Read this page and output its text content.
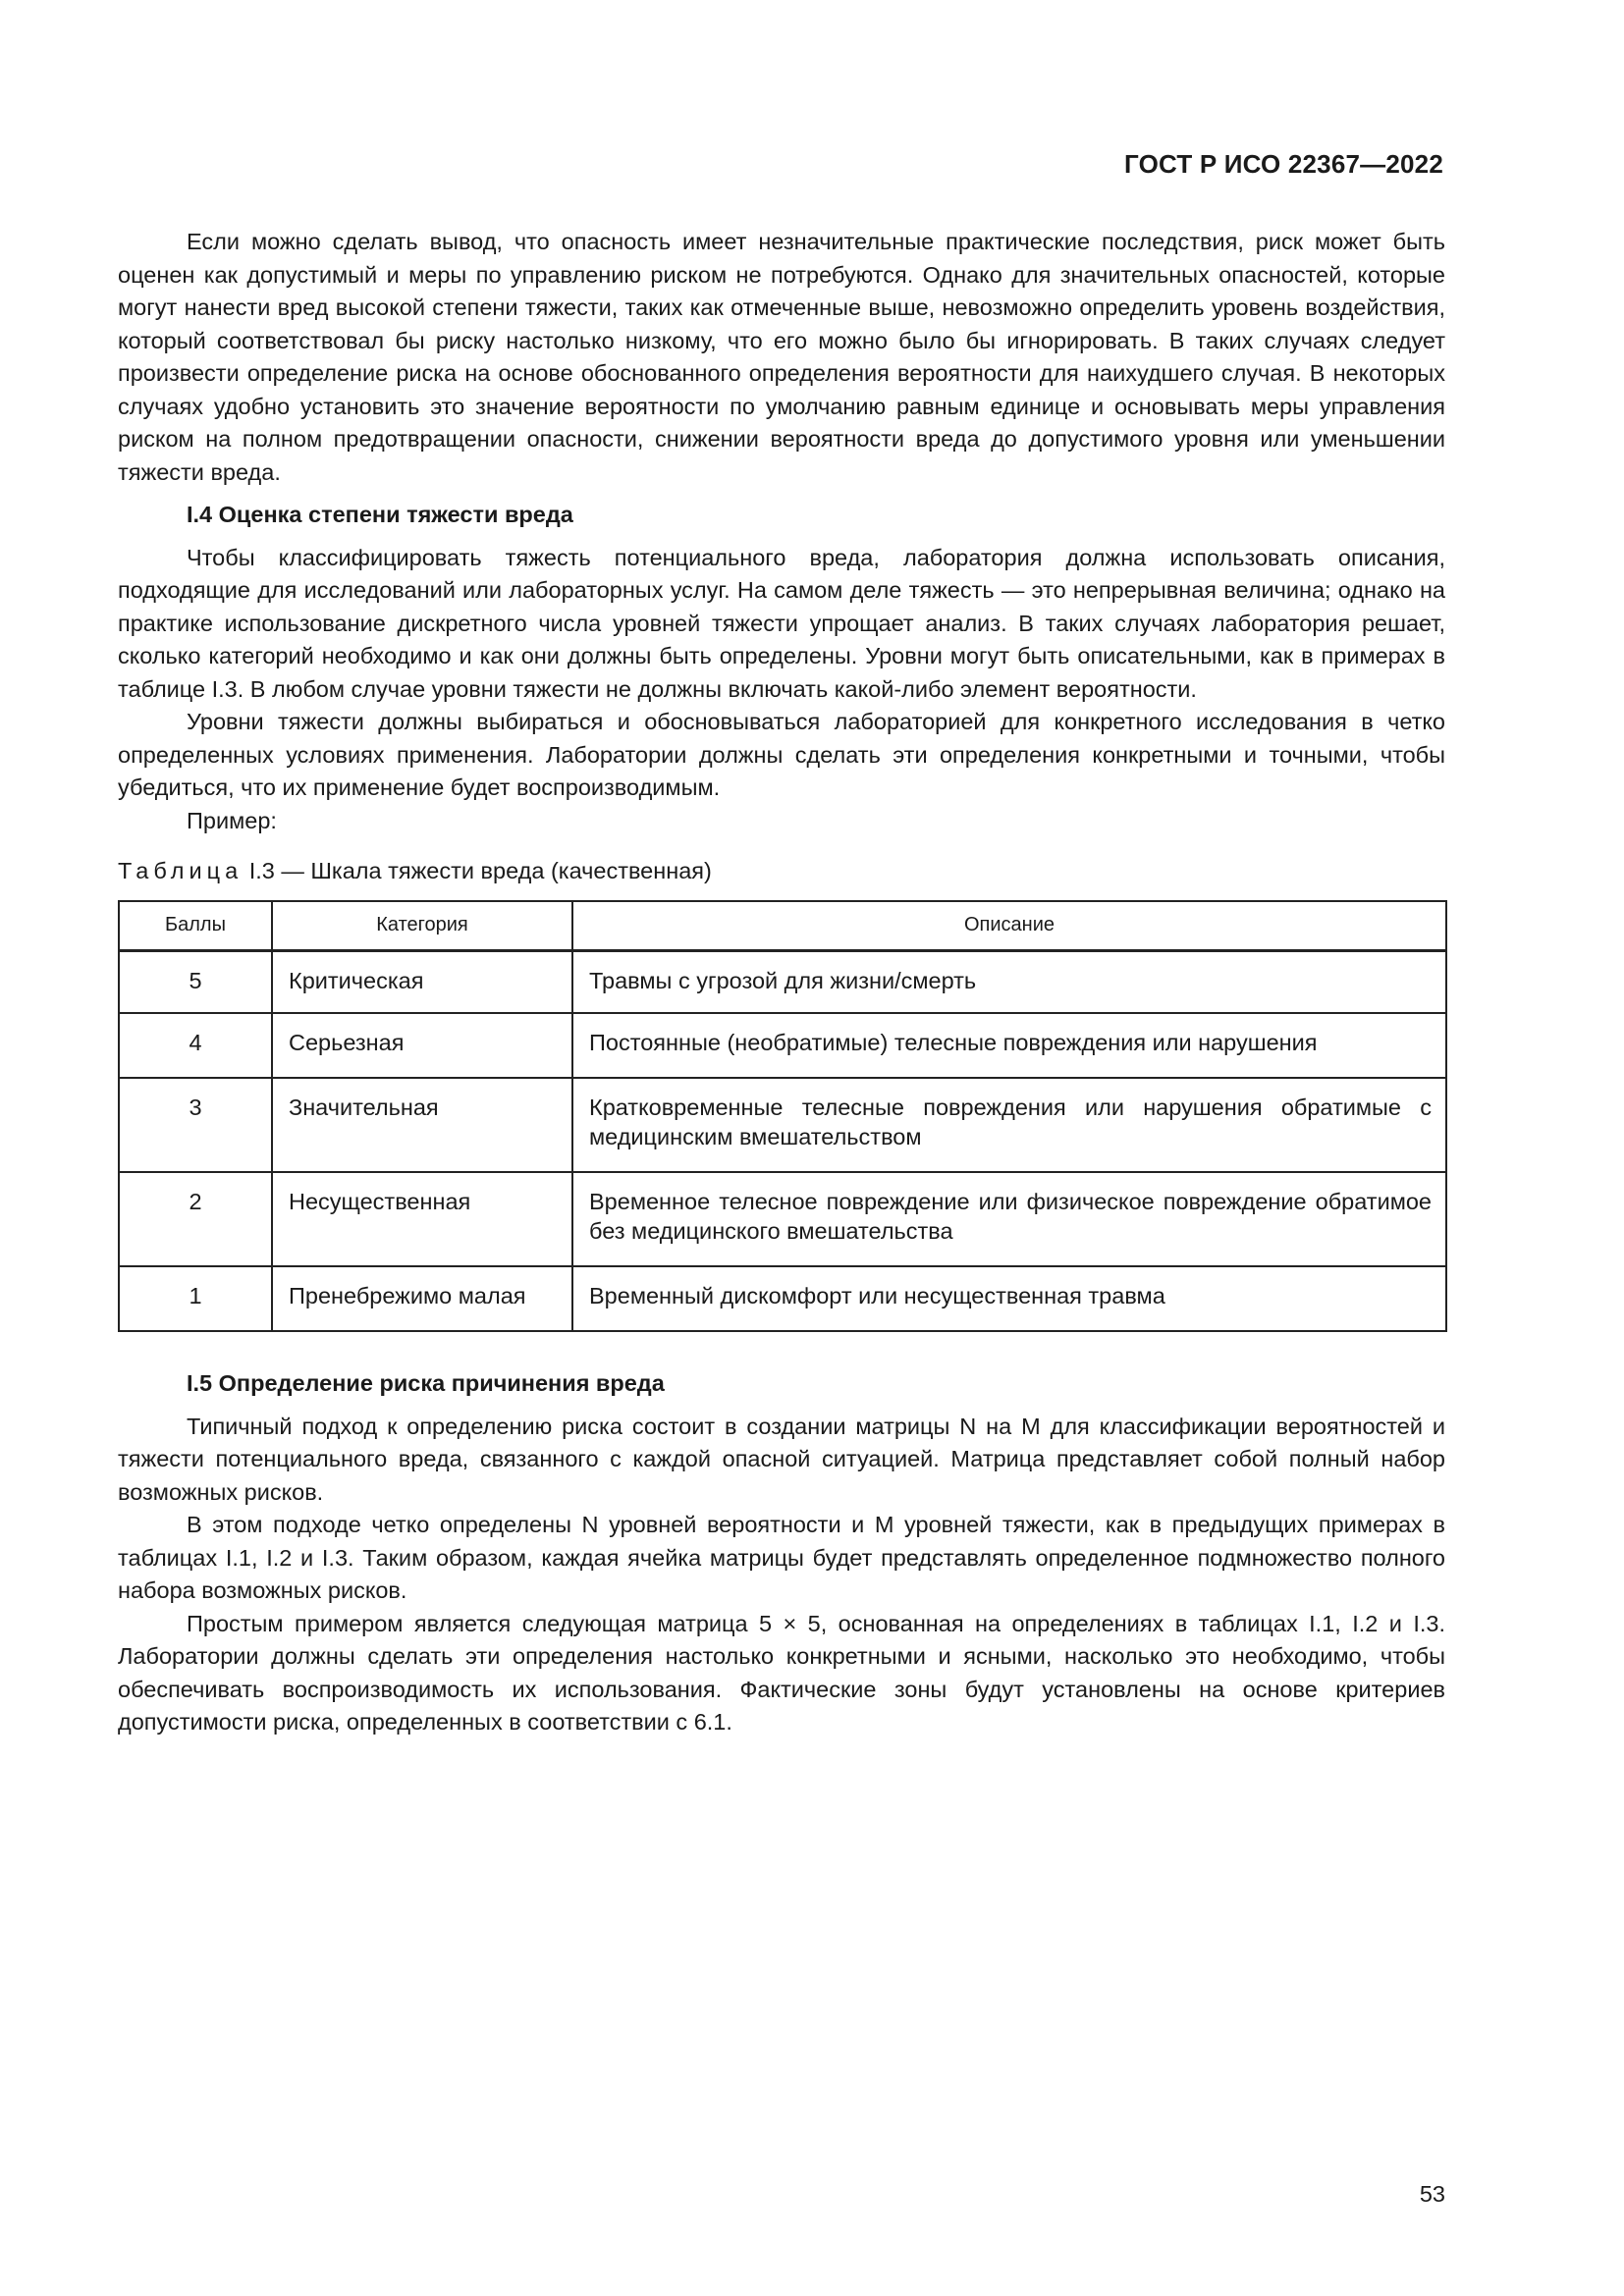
ГОСТ Р ИСО 22367—2022

Если можно сделать вывод, что опасность имеет незначительные практические последствия, риск может быть оценен как допустимый и меры по управлению риском не потребуются. Однако для значительных опасностей, которые могут нанести вред высокой степени тяжести, таких как отмеченные выше, невозможно определить уровень воздействия, который соответствовал бы риску настолько низкому, что его можно было бы игнорировать. В таких случаях следует произвести определение риска на основе обоснованного определения вероятности для наихудшего случая. В некоторых случаях удобно установить это значение вероятности по умолчанию равным единице и основывать меры управления риском на полном предотвращении опасности, снижении вероятности вреда до допустимого уровня или уменьшении тяжести вреда.

I.4 Оценка степени тяжести вреда

Чтобы классифицировать тяжесть потенциального вреда, лаборатория должна использовать описания, подходящие для исследований или лабораторных услуг. На самом деле тяжесть — это непрерывная величина; однако на практике использование дискретного числа уровней тяжести упрощает анализ. В таких случаях лаборатория решает, сколько категорий необходимо и как они должны быть определены. Уровни могут быть описательными, как в примерах в таблице I.3. В любом случае уровни тяжести не должны включать какой-либо элемент вероятности.

Уровни тяжести должны выбираться и обосновываться лабораторией для конкретного исследования в четко определенных условиях применения. Лаборатории должны сделать эти определения конкретными и точными, чтобы убедиться, что их применение будет воспроизводимым.

Пример:

Таблица I.3 — Шкала тяжести вреда (качественная)
Баллы	Категория	Описание
5	Критическая	Травмы с угрозой для жизни/смерть
4	Серьезная	Постоянные (необратимые) телесные повреждения или нарушения
3	Значительная	Кратковременные телесные повреждения или нарушения обратимые с медицинским вмешательством
2	Несущественная	Временное телесное повреждение или физическое повреждение обратимое без медицинского вмешательства
1	Пренебрежимо малая	Временный дискомфорт или несущественная травма
I.5 Определение риска причинения вреда

Типичный подход к определению риска состоит в создании матрицы N на M для классификации вероятностей и тяжести потенциального вреда, связанного с каждой опасной ситуацией. Матрица представляет собой полный набор возможных рисков.

В этом подходе четко определены N уровней вероятности и M уровней тяжести, как в предыдущих примерах в таблицах I.1, I.2 и I.3. Таким образом, каждая ячейка матрицы будет представлять определенное подмножество полного набора возможных рисков.

Простым примером является следующая матрица 5 × 5, основанная на определениях в таблицах I.1, I.2 и I.3. Лаборатории должны сделать эти определения настолько конкретными и ясными, насколько это необходимо, чтобы обеспечивать воспроизводимость их использования. Фактические зоны будут установлены на основе критериев допустимости риска, определенных в соответствии с 6.1.

53
